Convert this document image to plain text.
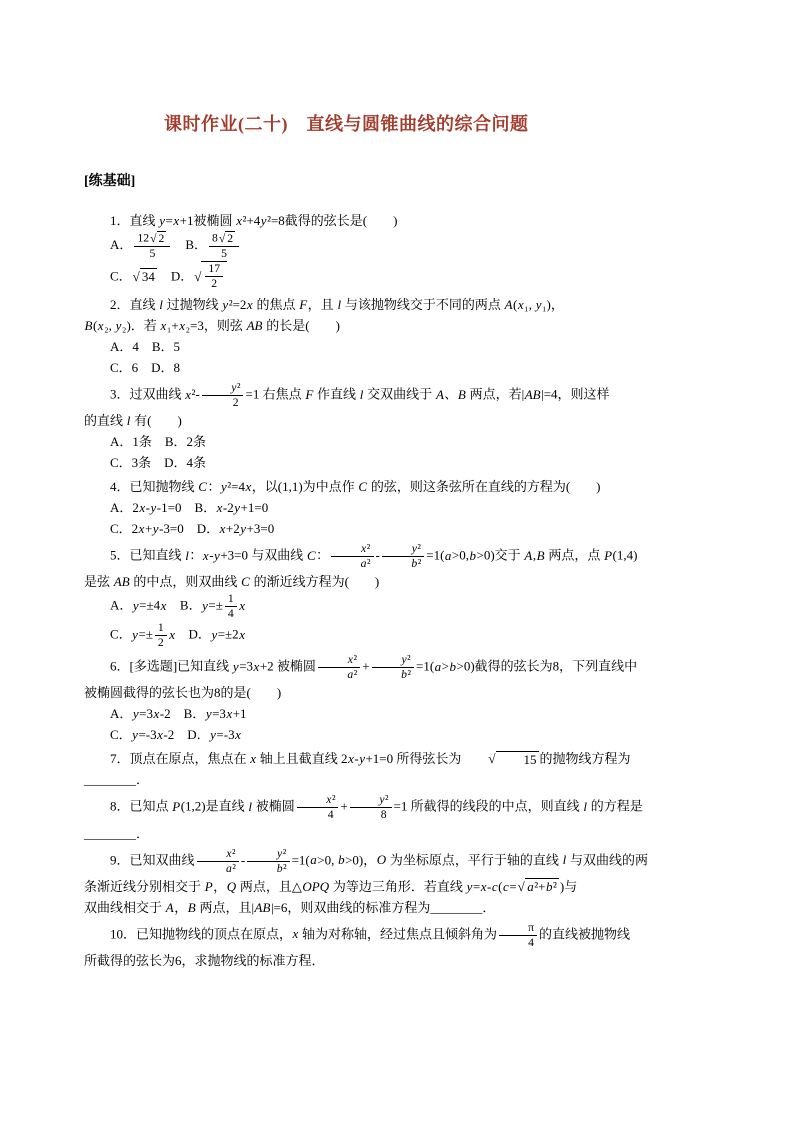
课时作业(二十)　直线与圆锥曲线的综合问题
[练基础]

1．直线 y=x+1被椭圆 x²+4y²=8截得的弦长是(　　)

A． $\frac{12 √ 2}{5}$ 　B． $\frac{8 √ 2}{5}$

C． √ 34 　D． √ $\frac{17}{2}$

2．直线 l 过抛物线 y²=2x 的焦点 F，且 l 与该抛物线交于不同的两点 A(x₁, y₁)，

B(x₂, y₂)．若 x₁+x₂=3，则弦 AB 的长是(　　)

A．4　B．5

C．6　D．8

3．过双曲线 $x^2- \frac{\text{y²}}{2} =1$ 右焦点 F 作直线 l 交双曲线于 A、B 两点，若|AB|=4，则这样

的直线 l 有(　　)

A．1条　B．2条

C．3条　D．4条

4．已知抛物线 C：y²=4x，以(1,1)为中点作 C 的弦，则这条弦所在直线的方程为(　　)

A．2x-y-1=0　B．x-2y+1=0

C．2x+y-3=0　D．x+2y+3=0

5．已知直线 l：x-y+3=0 与双曲线 C： $\frac{\text{x²}}{\text{a²}} - \frac{\text{y²}}{\text{b²}} =1(a>0,b>0)$交于 A,B 两点，点 P(1,4)

是弦 AB 的中点，则双曲线 C 的渐近线方程为(　　)

A．y=±4x　B．$y=\pm \frac{1}{4}$ x

C．$y=\pm \frac{1}{2}$ x　D．y=±2x

6．[多选题]已知直线 y=3x+2 被椭圆 $\frac{\text{x²}}{\text{a²}} + \frac{\text{y²}}{\text{b²}} =1(a>b>0)$截得的弦长为8，下列直线中

被椭圆截得的弦长也为8的是(　　)

A．y=3x-2　B．y=3x+1

C．y=-3x-2　D．y=-3x

7．顶点在原点，焦点在 x 轴上且截直线 2x-y+1=0 所得弦长为	√	15 的抛物线方程为

________．

8．已知点 P(1,2)是直线 l 被椭圆 $\frac{\text{x²}}{4} + \frac{\text{y²}}{8} =1$ 所截得的线段的中点，则直线 l 的方程是

________．

9．已知双曲线 $\frac{\text{x²}}{\text{a²}} - \frac{\text{y²}}{\text{b²}} =1(a>0$, b>0)，O 为坐标原点，平行于轴的直线 l 与双曲线的两

条渐近线分别相交于 P，Q 两点，且△OPQ 为等边三角形．若直线 y=x-c(c= √ a²+b² )与

双曲线相交于 A，B 两点，且|AB|=6，则双曲线的标准方程为________．

10．已知抛物线的顶点在原点，x 轴为对称轴，经过焦点且倾斜角为 $\frac{\pi}{4}$ 的直线被抛物线

所截得的弦长为6，求抛物线的标准方程．
